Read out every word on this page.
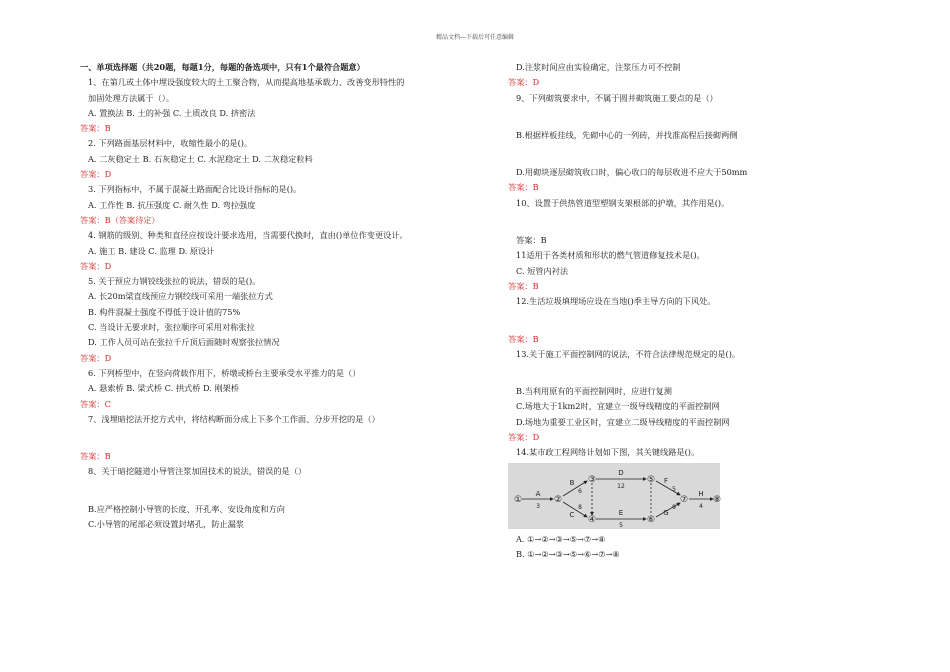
精品文档---下载后可任意编辑
一、单项选择题（共20题，每题1分，每题的备选项中，只有1个最符合题意）
1、在第几或土体中埋设强度较大的土工聚合物，从而提高地基承载力、改善变形特性的
加固处理方法属于（）。
A. 置换法 B. 土的补强 C. 土质改良 D. 挤密法
答案：B
2. 下列路面基层材料中，收缩性最小的是()。
A. 二灰稳定土 B. 石灰稳定土 C. 水泥稳定土 D. 二灰稳定粒料
答案：D
3. 下列指标中，不属于混凝土路面配合比设计指标的是()。
A. 工作性 B. 抗压强度 C. 耐久性 D. 弯拉强度
答案：B（答案待定）
4. 钢筋的级别、种类和直径应按设计要求选用，当需要代换时，直由()单位作变更设计。
A. 施工 B. 建设 C. 监理 D. 原设计
答案：D
5. 关于预应力钢铰线张拉的说法，错误的是()。
A. 长20m梁直线预应力钢绞线可采用一端张拉方式
B. 构件混凝土强度不得低于设计值的75%
C. 当设计无要求时，张拉顺序可采用对称张拉
D. 工作人员可站在张拉千斤顶后面随时观察张拉情况
答案：D
6. 下列桥型中，在竖向荷载作用下，桥墩或桥台主要承受水平推力的是（）
A. 悬索桥 B. 梁式桥 C. 拱式桥 D. 刚架桥
答案：C
7、浅埋暗挖法开挖方式中，将结构断面分成上下多个工作面、分步开挖的是（）
答案：B
8、关于暗挖隧道小导管注浆加固技术的说法，错误的是（）
B.应严格控制小导管的长度、开孔率、安设角度和方向
C.小导管的尾部必须设置封堵孔，防止漏浆
D.注浆时间应由实验确定，注浆压力可不控制
答案：D
9、下列砌筑要求中，不属于圆井砌筑施工要点的是（）
B.根据样板挂线，先砌中心的一列砖，并找准高程后接砌两侧
D.用砌块逐层砌筑收口时，偏心收口的每层收进不应大于50mm
答案：B
10、设置于供热管道型塑钢支架根部的护墩，其作用是()。
答案：B
11适用于各类材质和形状的燃气管道修复技术是()。
C. 短管内衬法
答案：B
12.生活垃圾填埋场应设在当地()季主导方向的下风处。
答案：B
13.关于施工平面控制网的说法，不符合法律规范规定的是()。
B.当利用原有的平面控制网时，应进行复测
C.场地大于1km2时，宜建立一级导线精度的平面控制网
D.场地为重要工业区时，宜建立二级导线精度的平面控制网
答案：D
14.某市政工程网络计划如下图，其关键线路是()。
①	②
③
④
⑤
⑥
⑦	⑧
A
3
B
6
C
8
D
12
E
5
F
5
G
9
H
4
A. ①→②→③→⑤→⑦→⑧
B. ①→②→③→⑤→⑥→⑦→⑧
